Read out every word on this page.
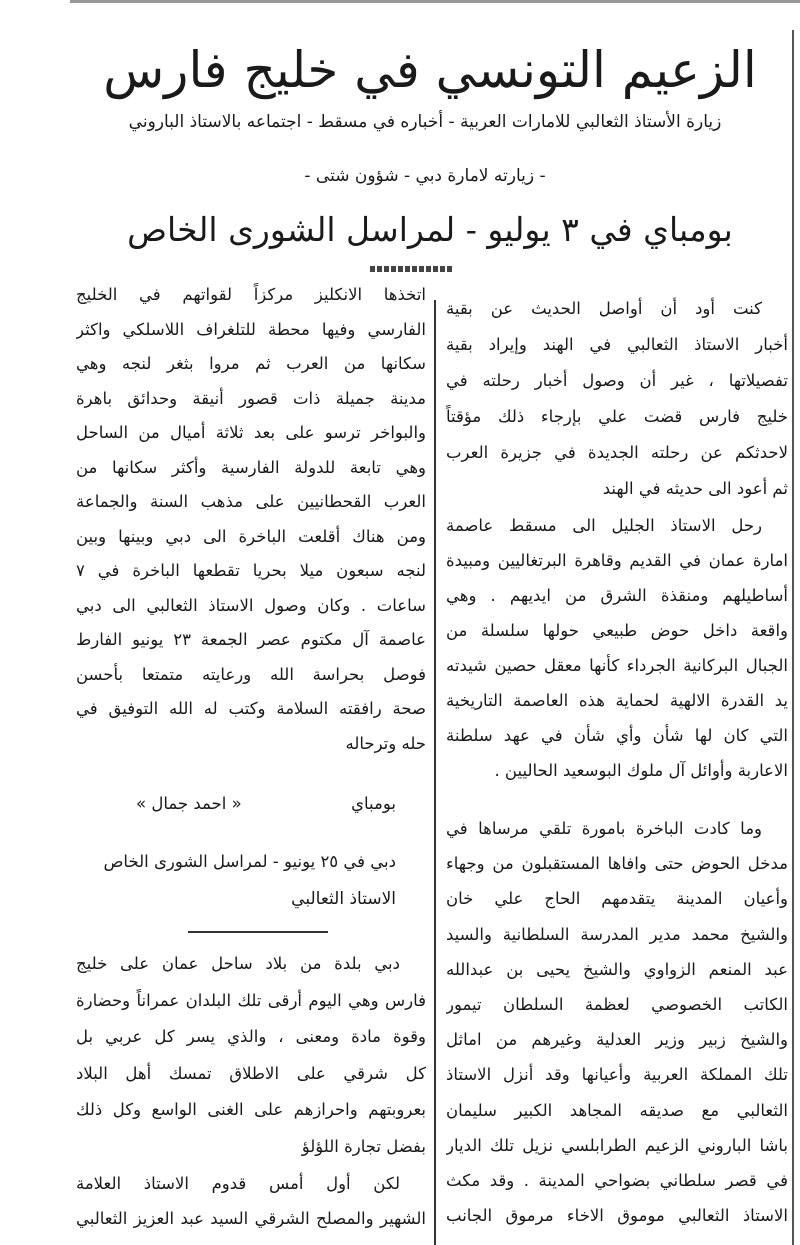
الزعيم التونسي في خليج فارس
زيارة الأستاذ الثعالبي للامارات العربية - أخباره في مسقط - اجتماعه بالاستاذ الباروني
- زيارته لامارة دبي - شؤون شتى -
بومباي في ٣ يوليو - لمراسل الشورى الخاص
كنت أود أن أواصل الحديث عن بقية
أخبار الاستاذ الثعالبي في الهند وإيراد بقية
تفصيلاتها ، غير أن وصول أخبار رحلته في
خليج فارس قضت علي بإرجاء ذلك مؤقتاً
لاحدثكم عن رحلته الجديدة في جزيرة العرب
ثم أعود الى حديثه في الهند
رحل الاستاذ الجليل الى مسقط عاصمة
امارة عمان في القديم وقاهرة البرتغاليين ومبيدة
أساطيلهم ومنقذة الشرق من ايديهم . وهي
واقعة داخل حوض طبيعي حولها سلسلة من
الجبال البركانية الجرداء كأنها معقل حصين شيدته
يد القدرة الالهية لحماية هذه العاصمة التاريخية
التي كان لها شأن وأي شأن في عهد سلطنة
الاعاربة وأوائل آل ملوك البوسعيد الحاليين .
وما كادت الباخرة بامورة تلقي مرساها في
مدخل الحوض حتى وافاها المستقبلون من وجهاء
وأعيان المدينة يتقدمهم الحاج علي خان
والشيخ محمد مدير المدرسة السلطانية والسيد
عبد المنعم الزواوي والشيخ يحيى بن عبدالله
الكاتب الخصوصي لعظمة السلطان تيمور
والشيخ زبير وزير العدلية وغيرهم من اماثل
تلك المملكة العربية وأعيانها وقد أنزل الاستاذ
الثعالبي مع صديقه المجاهد الكبير سليمان
باشا الباروني الزعيم الطرابلسي نزيل تلك الديار
في قصر سلطاني بضواحي المدينة . وقد مكث
الاستاذ الثعالبي موموق الاخاء مرموق الجانب
اتخذها الانكليز مركزاً لقواتهم في الخليج
الفارسي وفيها محطة للتلغراف اللاسلكي واكثر
سكانها من العرب ثم مروا بثغر لنجه وهي
مدينة جميلة ذات قصور أنيقة وحدائق باهرة
والبواخر ترسو على بعد ثلاثة أميال من الساحل
وهي تابعة للدولة الفارسية وأكثر سكانها من
العرب القحطانيين على مذهب السنة والجماعة
ومن هناك أقلعت الباخرة الى دبي وبينها وبين
لنجه سبعون ميلا بحريا تقطعها الباخرة في ٧
ساعات . وكان وصول الاستاذ الثعالبي الى دبي
عاصمة آل مكتوم عصر الجمعة ٢٣ يونيو الفارط
فوصل بحراسة الله ورعايته متمتعا بأحسن
صحة رافقته السلامة وكتب له الله التوفيق في
حله وترحاله
دبي بلدة من بلاد ساحل عمان على خليج
فارس وهي اليوم أرقى تلك البلدان عمراناً وحضارة
وقوة مادة ومعنى ، والذي يسر كل عربي بل
كل شرقي على الاطلاق تمسك أهل البلاد
بعروبتهم واحرازهم على الغنى الواسع وكل ذلك
بفضل تجارة اللؤلؤ
لكن أول أمس قدوم الاستاذ العلامة
الشهير والمصلح الشرقي السيد عبد العزيز الثعالبي
بومباي
« احمد جمال »
دبي في ٢٥ يونيو - لمراسل الشورى الخاص
الاستاذ الثعالبي
